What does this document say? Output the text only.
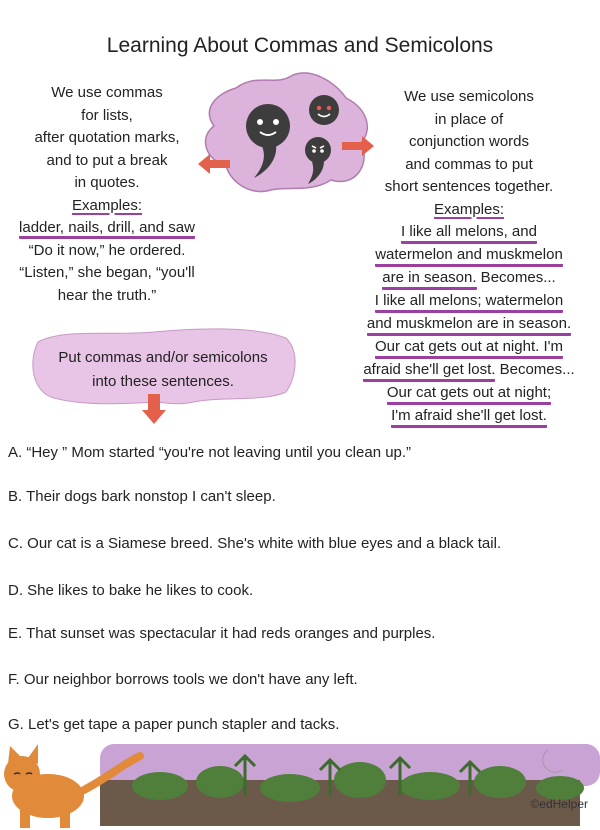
Learning About Commas and Semicolons
We use commas
for lists,
after quotation marks,
and to put a break
in quotes.
Examples:
ladder, nails, drill, and saw
“Do it now,” he ordered.
“Listen,” she began, “you'll
hear the truth.”
We use semicolons
in place of
conjunction words
and commas to put
short sentences together.
Examples:
I like all melons, and
watermelon and muskmelon
are in season. Becomes...
I like all melons; watermelon
and muskmelon are in season.
Our cat gets out at night. I'm
afraid she'll get lost. Becomes...
Our cat gets out at night;
I'm afraid she'll get lost.
Put commas and/or semicolons
into these sentences.
A. “Hey ” Mom started “you're not leaving until you clean up.”
B. Their dogs bark nonstop I can't sleep.
C. Our cat is a Siamese breed. She's white with blue eyes and a black tail.
D. She likes to bake he likes to cook.
E. That sunset was spectacular it had reds oranges and purples.
F. Our neighbor borrows tools we don't have any left.
G. Let's get tape a paper punch stapler and tacks.
©edHelper
